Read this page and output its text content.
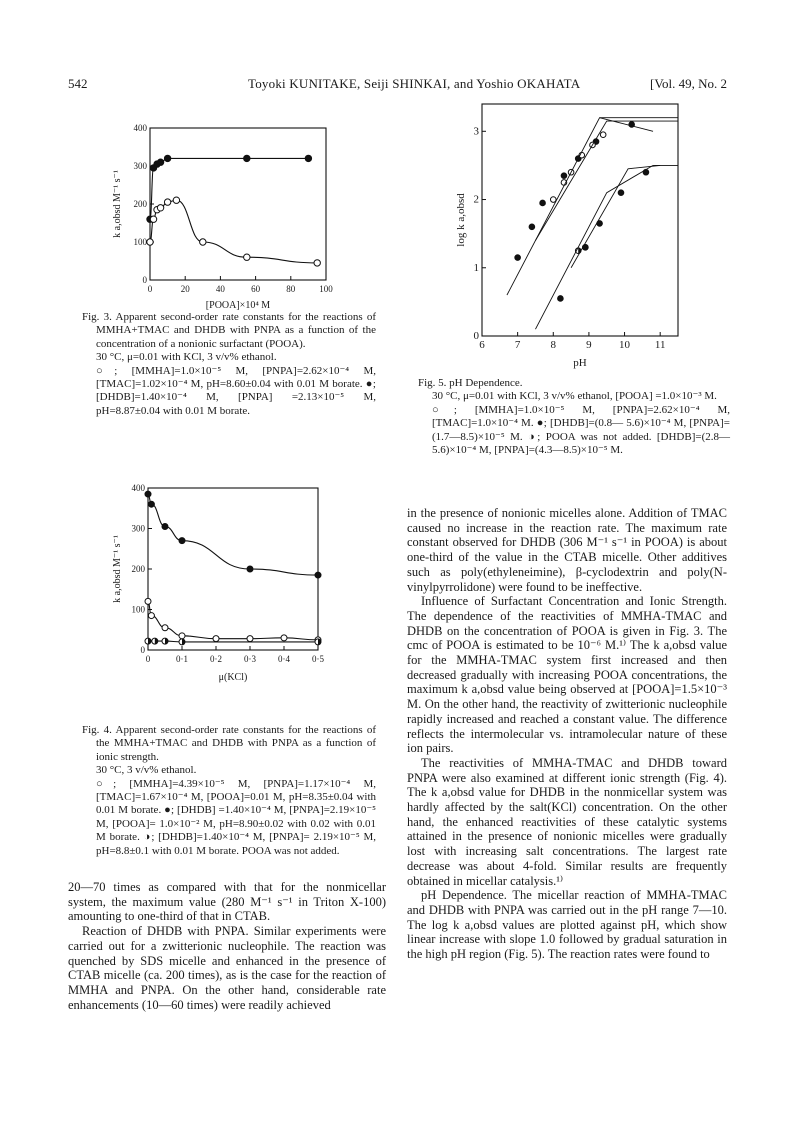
542	Toyoki KUNITAKE, Seiji SHINKAI, and Yoshio OKAHATA	[Vol. 49, No. 2
0	20	40	60	80	100
0
100
200
300
400
[POOA]×10⁴ M
k a,obsd M⁻¹ s⁻¹

Fig. 3. Apparent second-order rate constants for the reactions of MMHA+TMAC and DHDB with PNPA as a function of the concentration of a nonionic surfactant (POOA).

30 °C, μ=0.01 with KCl, 3 v/v% ethanol.

○; [MMHA]=1.0×10⁻⁵ M, [PNPA]=2.62×10⁻⁴ M, [TMAC]=1.02×10⁻⁴ M, pH=8.60±0.04 with 0.01 M borate. ●; [DHDB]=1.40×10⁻⁴ M, [PNPA] =2.13×10⁻⁵ M, pH=8.87±0.04 with 0.01 M borate.

0	0·1 0·2 0·3 0·4 0·5
0
100
200
300
400
μ(KCl)
k a,obsd M⁻¹ s⁻¹

Fig. 4. Apparent second-order rate constants for the reactions of the MMHA+TMAC and DHDB with PNPA as a function of ionic strength.

30 °C, 3 v/v% ethanol.

○; [MMHA]=4.39×10⁻⁵ M, [PNPA]=1.17×10⁻⁴ M, [TMAC]=1.67×10⁻⁴ M, [POOA]=0.01 M, pH=8.35±0.04 with 0.01 M borate. ●; [DHDB] =1.40×10⁻⁴ M, [PNPA]=2.19×10⁻⁵ M, [POOA]= 1.0×10⁻² M, pH=8.90±0.02 with 0.02 with 0.01 M borate. ◑; [DHDB]=1.40×10⁻⁴ M, [PNPA]= 2.19×10⁻⁵ M, pH=8.8±0.1 with 0.01 M borate. POOA was not added.

6	7	8	9 10 11
0
1
2
3
pH
log k a,obsd

Fig. 5. pH Dependence.

30 °C, μ=0.01 with KCl, 3 v/v% ethanol, [POOA] =1.0×10⁻³ M.

○; [MMHA]=1.0×10⁻⁵ M, [PNPA]=2.62×10⁻⁴ M, [TMAC]=1.0×10⁻⁴ M. ●; [DHDB]=(0.8— 5.6)×10⁻⁴ M, [PNPA]=(1.7—8.5)×10⁻⁵ M. ◑; POOA was not added. [DHDB]=(2.8—5.6)×10⁻⁴ M, [PNPA]=(4.3—8.5)×10⁻⁵ M.

20—70 times as compared with that for the nonmicellar system, the maximum value (280 M⁻¹ s⁻¹ in Triton X-100) amounting to one-third of that in CTAB.

Reaction of DHDB with PNPA. Similar experiments were carried out for a zwitterionic nucleophile. The reaction was quenched by SDS micelle and enhanced in the presence of CTAB micelle (ca. 200 times), as is the case for the reaction of MMHA and PNPA. On the other hand, considerable rate enhancements (10—60 times) were readily achieved

in the presence of nonionic micelles alone. Addition of TMAC caused no increase in the reaction rate. The maximum rate constant observed for DHDB (306 M⁻¹ s⁻¹ in POOA) is about one-third of the value in the CTAB micelle. Other additives such as poly(ethyleneimine), β-cyclodextrin and poly(N-vinylpyrrolidone) were found to be ineffective.

Influence of Surfactant Concentration and Ionic Strength. The dependence of the reactivities of MMHA-TMAC and DHDB on the concentration of POOA is given in Fig. 3. The cmc of POOA is estimated to be 10⁻⁶ M.¹⁾ The k a,obsd value for the MMHA-TMAC system first increased and then decreased gradually with increasing POOA concentrations, the maximum k a,obsd value being observed at [POOA]=1.5×10⁻³ M. On the other hand, the reactivity of zwitterionic nucleophile rapidly increased and reached a constant value. The difference reflects the intermolecular vs. intramolecular nature of these ion pairs.

The reactivities of MMHA-TMAC and DHDB toward PNPA were also examined at different ionic strength (Fig. 4). The k a,obsd value for DHDB in the nonmicellar system was hardly affected by the salt(KCl) concentration. On the other hand, the enhanced reactivities of these catalytic systems attained in the presence of nonionic micelles were gradually lost with increasing salt concentrations. The largest rate decrease was about 4-fold. Similar results are frequently obtained in micellar catalysis.¹⁾

pH Dependence. The micellar reaction of MMHA-TMAC and DHDB with PNPA was carried out in the pH range 7—10. The log k a,obsd values are plotted against pH, which show linear increase with slope 1.0 followed by gradual saturation in the high pH region (Fig. 5). The reaction rates were found to
